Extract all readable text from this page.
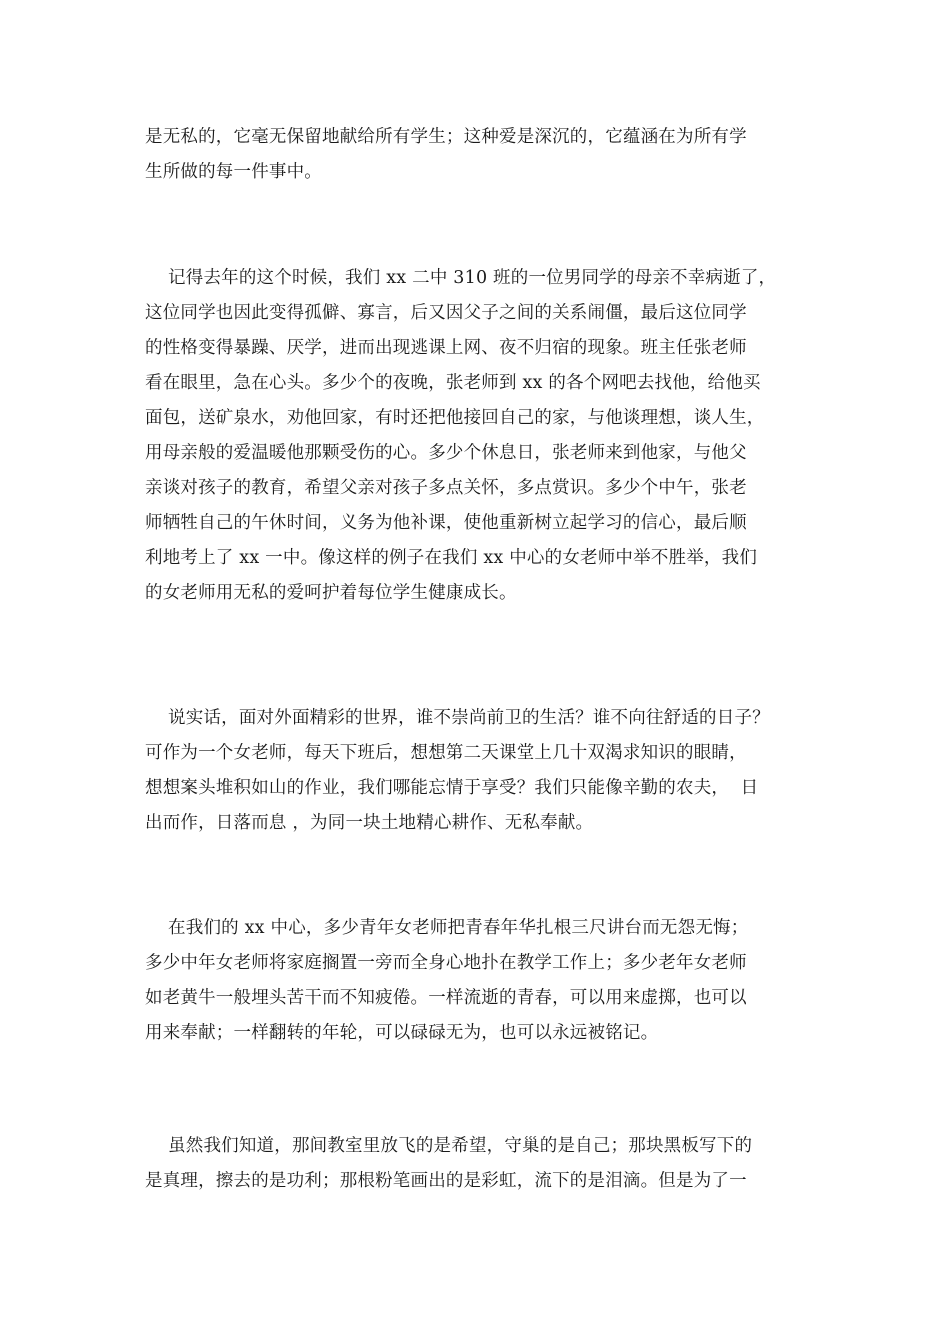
是无私的，它毫无保留地献给所有学生；这种爱是深沉的，它蕴涵在为所有学
生所做的每一件事中。
记得去年的这个时候，我们 xx 二中 310 班的一位男同学的母亲不幸病逝了，
这位同学也因此变得孤僻、寡言，后又因父子之间的关系闹僵，最后这位同学
的性格变得暴躁、厌学，进而出现逃课上网、夜不归宿的现象。班主任张老师
看在眼里，急在心头。多少个的夜晚，张老师到 xx 的各个网吧去找他，给他买
面包，送矿泉水，劝他回家，有时还把他接回自己的家，与他谈理想，谈人生，
用母亲般的爱温暖他那颗受伤的心。多少个休息日，张老师来到他家，与他父
亲谈对孩子的教育，希望父亲对孩子多点关怀，多点赏识。多少个中午，张老
师牺牲自己的午休时间，义务为他补课，使他重新树立起学习的信心，最后顺
利地考上了 xx 一中。像这样的例子在我们 xx 中心的女老师中举不胜举，我们
的女老师用无私的爱呵护着每位学生健康成长。
说实话，面对外面精彩的世界，谁不崇尚前卫的生活？谁不向往舒适的日子？
可作为一个女老师，每天下班后，想想第二天课堂上几十双渴求知识的眼睛，
想想案头堆积如山的作业，我们哪能忘情于享受？我们只能像辛勤的农夫，  日
出而作，日落而息 ，为同一块土地精心耕作、无私奉献。
在我们的 xx 中心，多少青年女老师把青春年华扎根三尺讲台而无怨无悔；
多少中年女老师将家庭搁置一旁而全身心地扑在教学工作上；多少老年女老师
如老黄牛一般埋头苦干而不知疲倦。一样流逝的青春，可以用来虚掷，也可以
用来奉献；一样翻转的年轮，可以碌碌无为，也可以永远被铭记。
虽然我们知道，那间教室里放飞的是希望，守巢的是自己；那块黑板写下的
是真理，擦去的是功利；那根粉笔画出的是彩虹，流下的是泪滴。但是为了一
